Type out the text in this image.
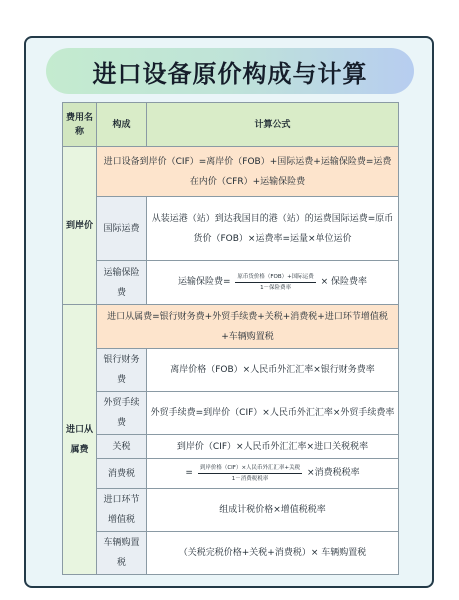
进口设备原价构成与计算
费用名称	构成	计算公式
到岸价	进口设备到岸价（CIF）=离岸价（FOB）+国际运费+运输保险费=运费在内价（CFR）+运输保险费	
	国际运费	从装运港（站）到达我国目的港（站）的运费国际运费=原币货价（FOB）×运费率=运量×单位运价
	运输保险费	运输保险费= $\frac{\text{原币货价格（FOB）+国际运费}}{\text{1－保险费率}}$ × 保险费率
进口从属费	进口从属费=银行财务费+外贸手续费+关税+消费税+进口环节增值税+车辆购置税	
	银行财务费	离岸价格（FOB）×人民币外汇汇率×银行财务费率
	外贸手续费	外贸手续费=到岸价（CIF）×人民币外汇汇率×外贸手续费率
	关税	到岸价（CIF）×人民币外汇汇率×进口关税税率
	消费税	= $\frac{\text{到岸价格（CIF）×人民币外汇汇率+关税}}{\text{1－消费税税率}}$ ×消费税税率
	进口环节增值税	组成计税价格×增值税税率
	车辆购置税	（关税完税价格+关税+消费税）× 车辆购置税
